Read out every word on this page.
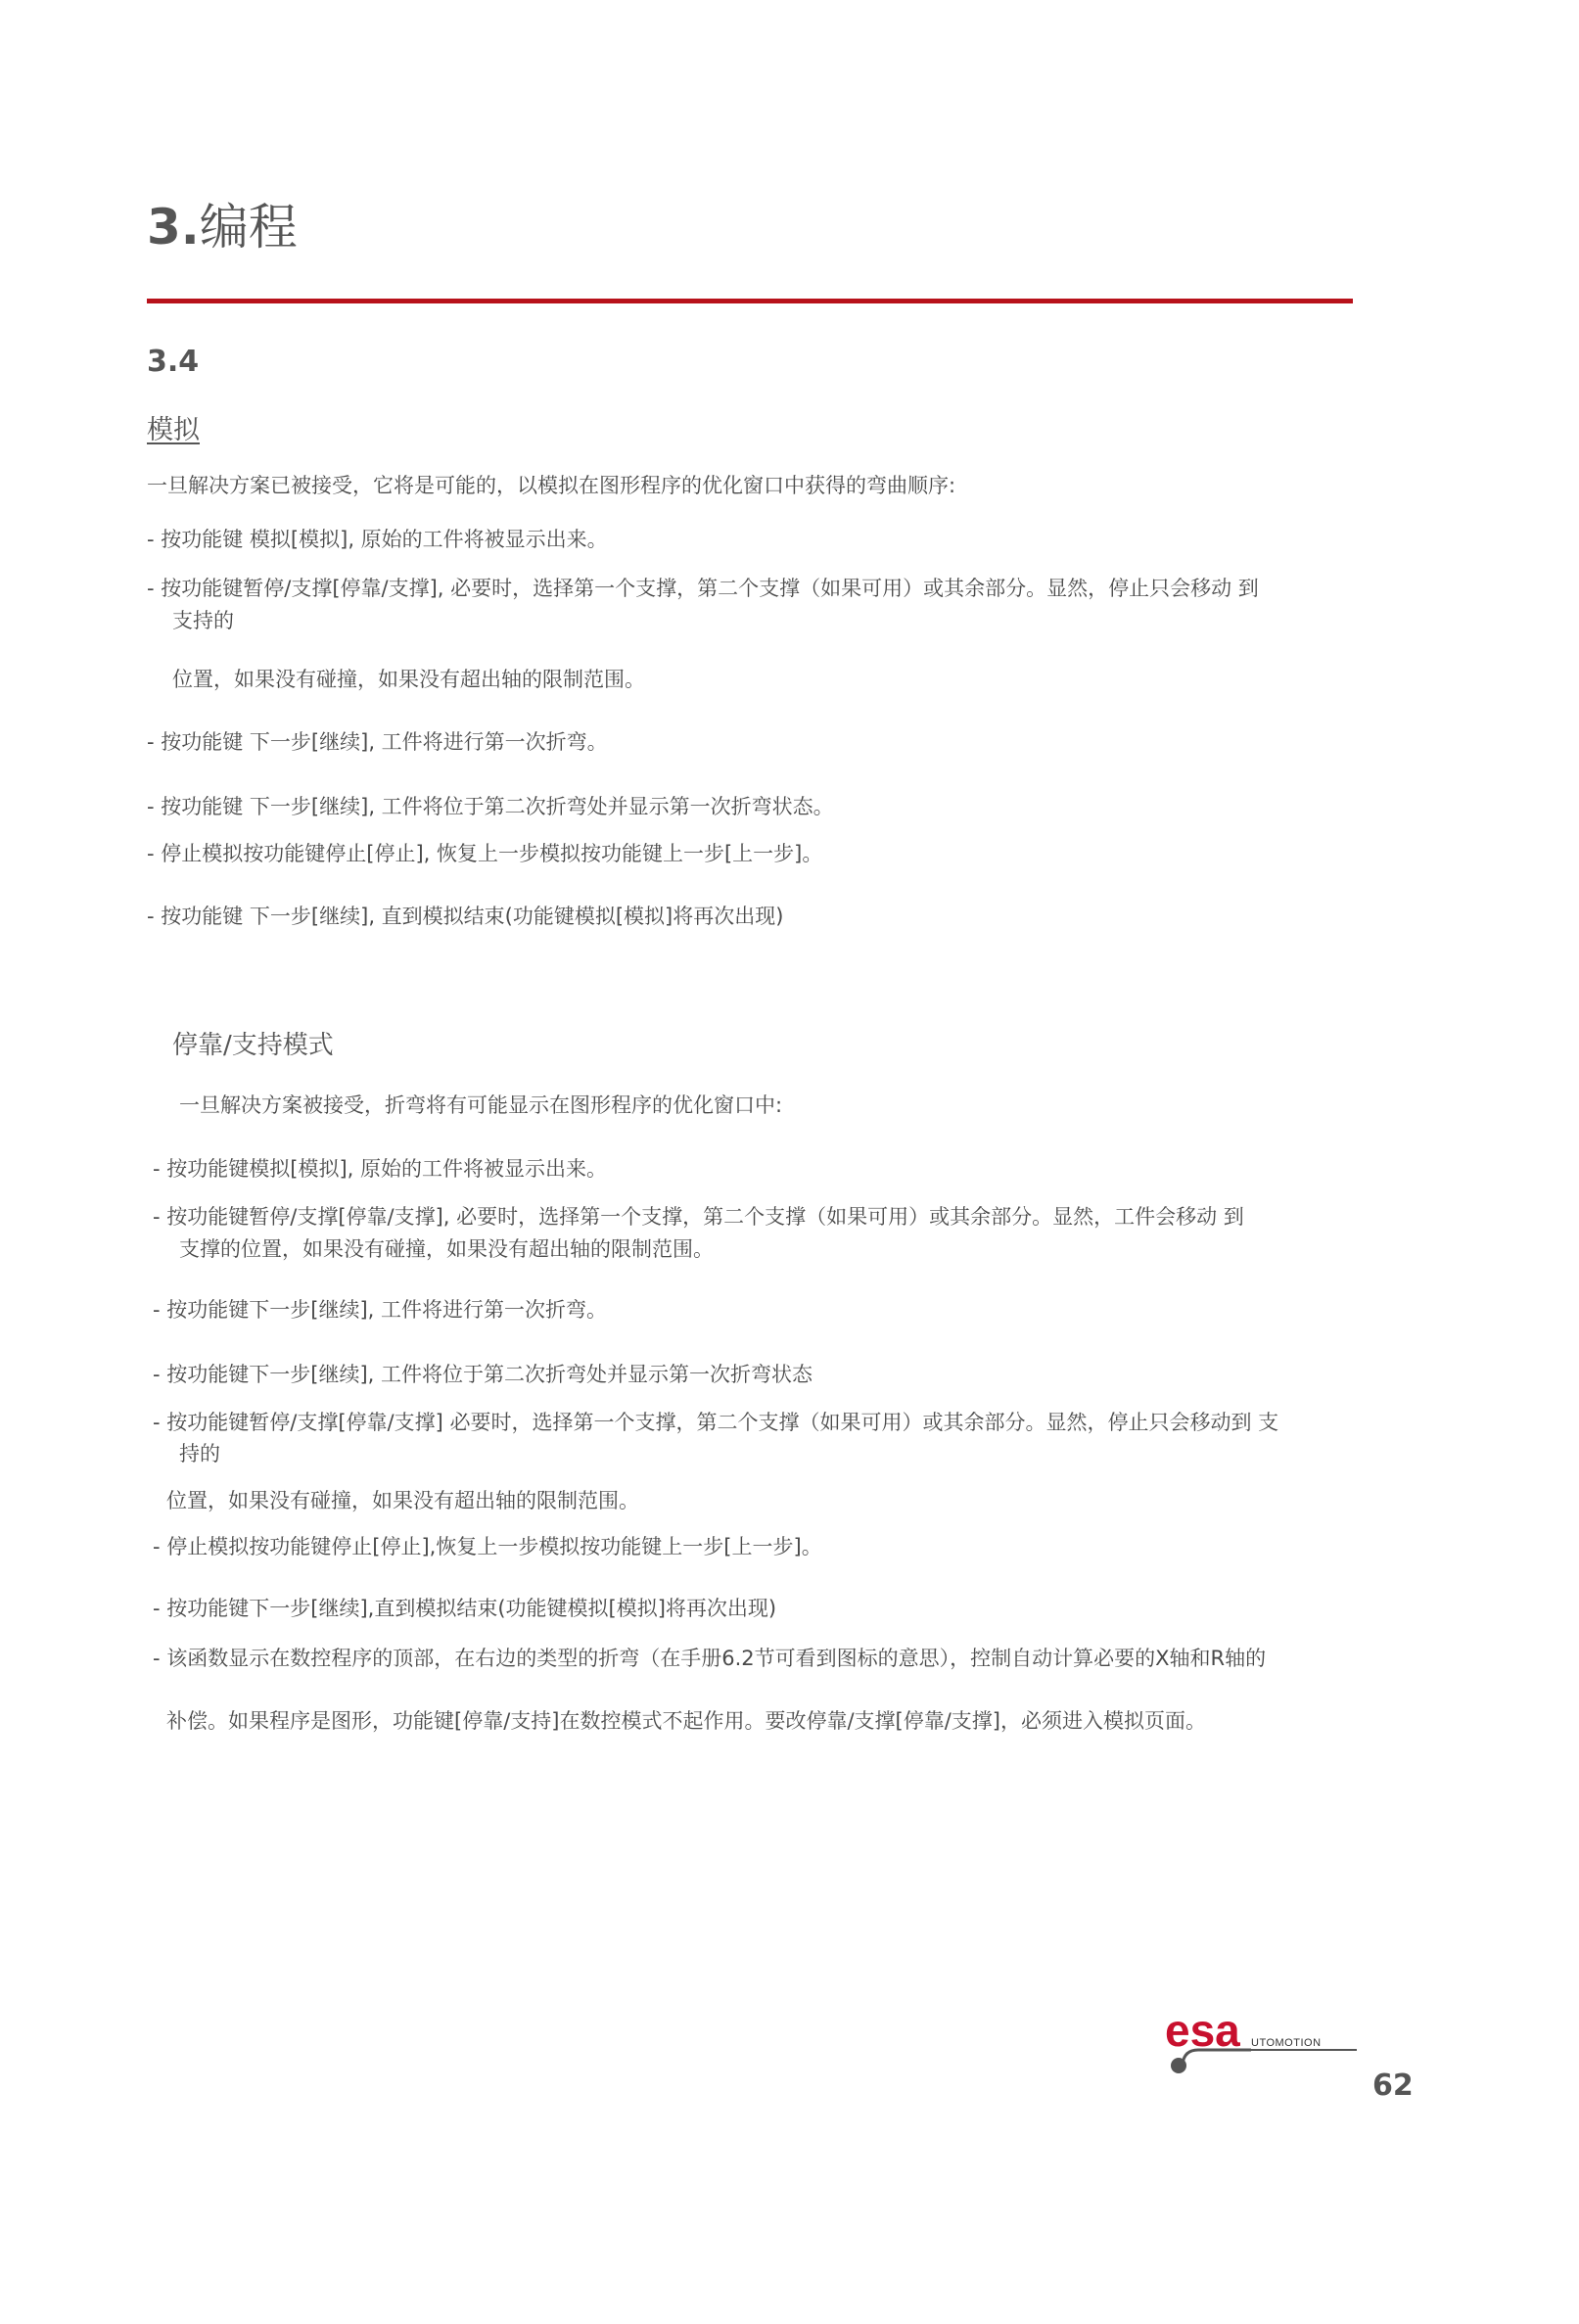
3.编程
3.4
模拟
一旦解决方案已被接受，它将是可能的，以模拟在图形程序的优化窗口中获得的弯曲顺序:
- 按功能键 模拟[模拟], 原始的工件将被显示出来。
- 按功能键暂停/支撑[停靠/支撑], 必要时，选择第一个支撑，第二个支撑（如果可用）或其余部分。显然，停止只会移动 到
支持的
位置，如果没有碰撞，如果没有超出轴的限制范围。
- 按功能键 下一步[继续], 工件将进行第一次折弯。
- 按功能键 下一步[继续], 工件将位于第二次折弯处并显示第一次折弯状态。
- 停止模拟按功能键停止[停止], 恢复上一步模拟按功能键上一步[上一步]。
- 按功能键 下一步[继续], 直到模拟结束(功能键模拟[模拟]将再次出现)
停靠/支持模式
一旦解决方案被接受，折弯将有可能显示在图形程序的优化窗口中:
- 按功能键模拟[模拟], 原始的工件将被显示出来。
- 按功能键暂停/支撑[停靠/支撑], 必要时，选择第一个支撑，第二个支撑（如果可用）或其余部分。显然，工件会移动 到
支撑的位置，如果没有碰撞，如果没有超出轴的限制范围。
- 按功能键下一步[继续], 工件将进行第一次折弯。
- 按功能键下一步[继续], 工件将位于第二次折弯处并显示第一次折弯状态
- 按功能键暂停/支撑[停靠/支撑] 必要时，选择第一个支撑，第二个支撑（如果可用）或其余部分。显然，停止只会移动到 支
持的
位置，如果没有碰撞，如果没有超出轴的限制范围。
- 停止模拟按功能键停止[停止],恢复上一步模拟按功能键上一步[上一步]。
- 按功能键下一步[继续],直到模拟结束(功能键模拟[模拟]将再次出现)
- 该函数显示在数控程序的顶部，在右边的类型的折弯（在手册6.2节可看到图标的意思），控制自动计算必要的X轴和R轴的
补偿。如果程序是图形，功能键[停靠/支持]在数控模式不起作用。要改停靠/支撑[停靠/支撑]，必须进入模拟页面。
esa UTOMOTION
62
